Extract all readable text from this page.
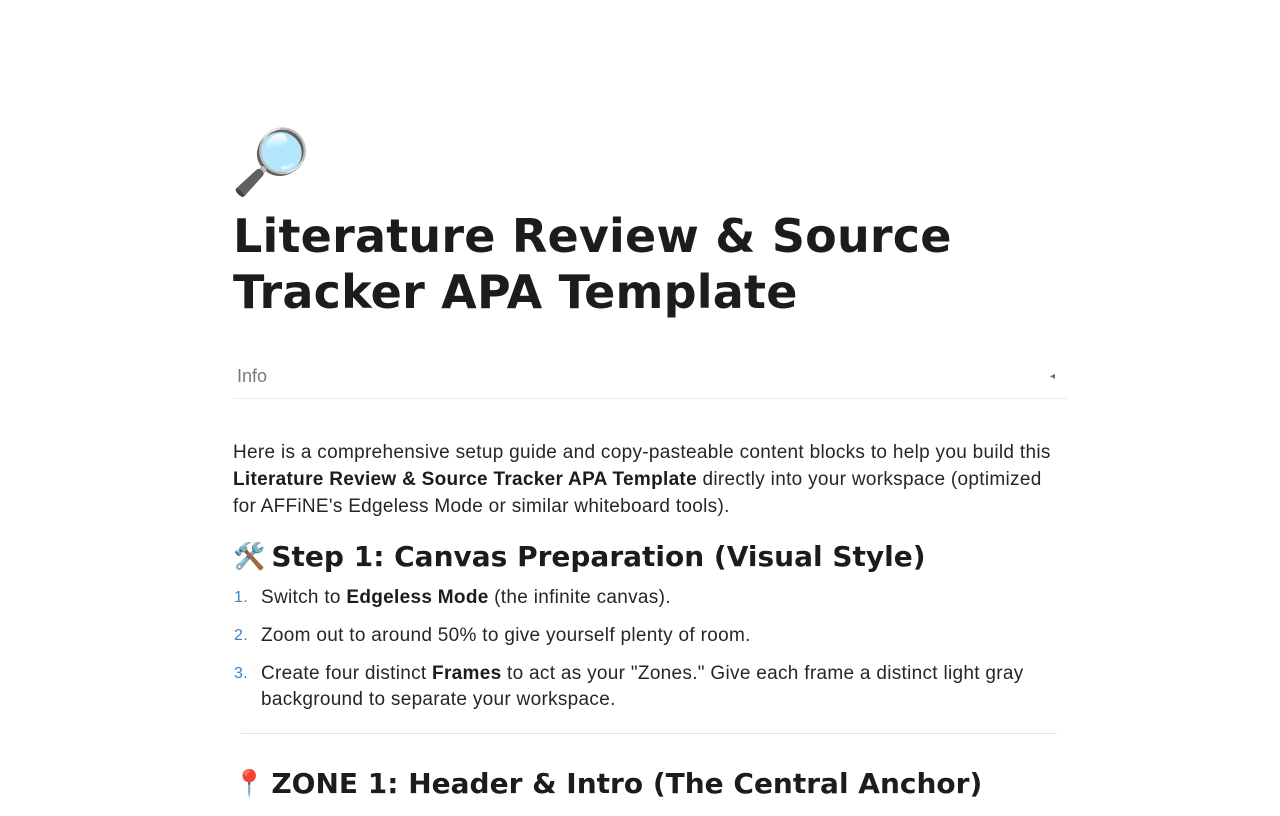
🔎
Literature Review & Source Tracker APA Template
Info	◂

Here is a comprehensive setup guide and copy-pasteable content blocks to help you build this Literature Review & Source Tracker APA Template directly into your workspace (optimized for AFFiNE's Edgeless Mode or similar whiteboard tools).

🛠️ Step 1: Canvas Preparation (Visual Style)
1. Switch to Edgeless Mode (the infinite canvas).
2. Zoom out to around 50% to give yourself plenty of room.
3. Create four distinct Frames to act as your "Zones." Give each frame a distinct light gray background to separate your workspace.
📍 ZONE 1: Header & Intro (The Central Anchor)
